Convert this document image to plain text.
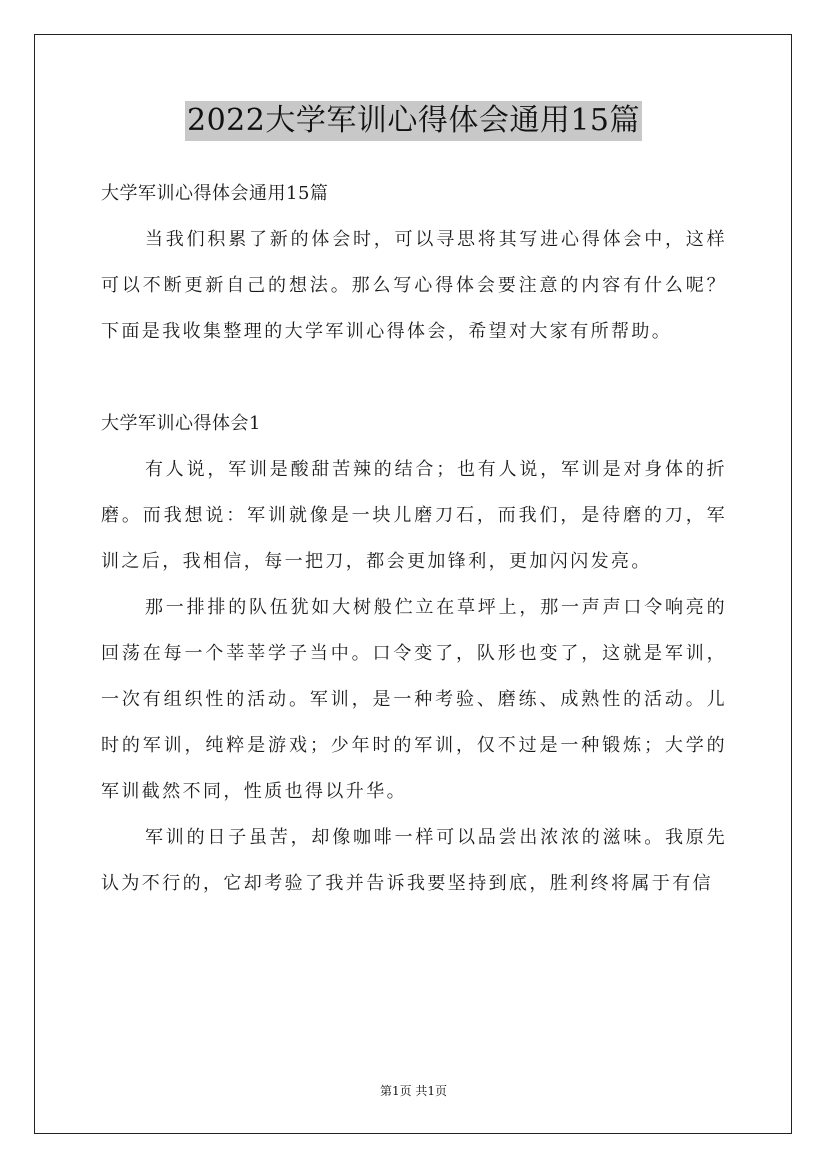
2022大学军训心得体会通用15篇

大学军训心得体会通用15篇

当我们积累了新的体会时，可以寻思将其写进心得体会中，这样可以不断更新自己的想法。那么写心得体会要注意的内容有什么呢？下面是我收集整理的大学军训心得体会，希望对大家有所帮助。

大学军训心得体会1

有人说，军训是酸甜苦辣的结合；也有人说，军训是对身体的折磨。而我想说：军训就像是一块儿磨刀石，而我们，是待磨的刀，军训之后，我相信，每一把刀，都会更加锋利，更加闪闪发亮。

那一排排的队伍犹如大树般伫立在草坪上，那一声声口令响亮的回荡在每一个莘莘学子当中。口令变了，队形也变了，这就是军训，一次有组织性的活动。军训，是一种考验、磨练、成熟性的活动。儿时的军训，纯粹是游戏；少年时的军训，仅不过是一种锻炼；大学的军训截然不同，性质也得以升华。

军训的日子虽苦，却像咖啡一样可以品尝出浓浓的滋味。我原先认为不行的，它却考验了我并告诉我要坚持到底，胜利终将属于有信

第1页 共1页
